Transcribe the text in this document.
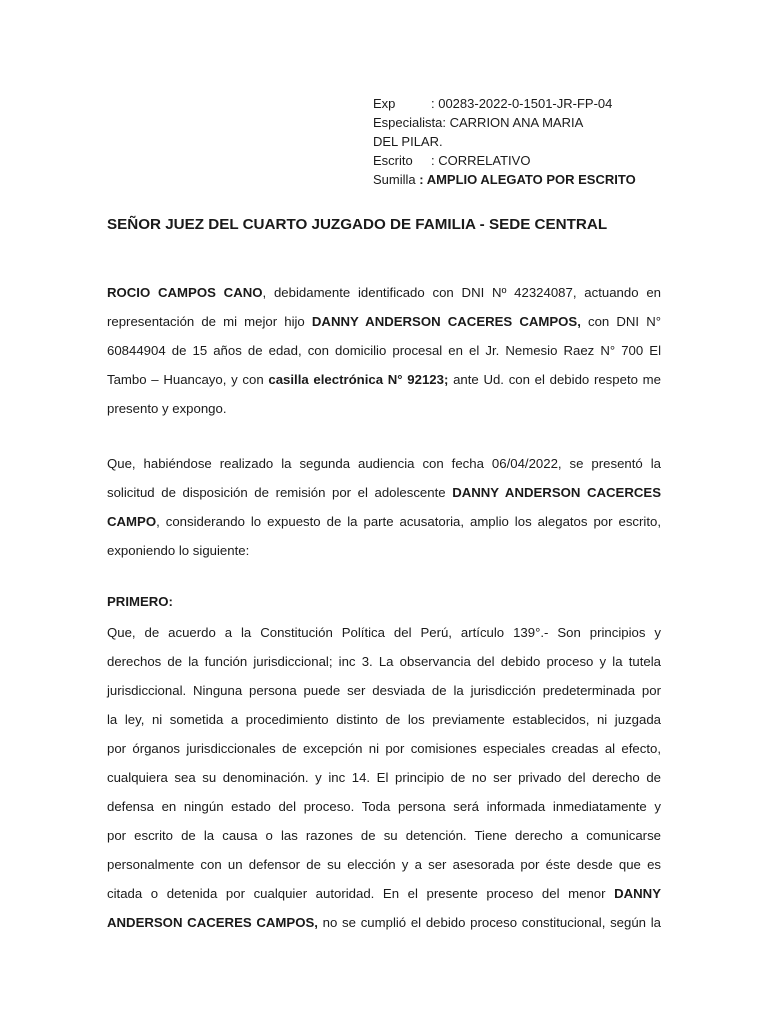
Exp	: 00283-2022-0-1501-JR-FP-04
Especialista: CARRION ANA MARIA
DEL PILAR.
Escrito : CORRELATIVO
Sumilla : AMPLIO ALEGATO POR ESCRITO
SEÑOR JUEZ DEL CUARTO JUZGADO DE FAMILIA - SEDE CENTRAL
ROCIO CAMPOS CANO, debidamente identificado con DNI Nº 42324087, actuando en
representación de mi mejor hijo DANNY ANDERSON CACERES CAMPOS, con DNI N°
60844904 de 15 años de edad, con domicilio procesal en el Jr. Nemesio Raez N° 700 El
Tambo – Huancayo, y con casilla electrónica N° 92123; ante Ud. con el debido respeto me
presento y expongo.
Que, habiéndose realizado la segunda audiencia con fecha 06/04/2022, se presentó la
solicitud de disposición de remisión por el adolescente DANNY ANDERSON CACERCES
CAMPO, considerando lo expuesto de la parte acusatoria, amplio los alegatos por escrito,
exponiendo lo siguiente:
PRIMERO:
Que, de acuerdo a la Constitución Política del Perú, artículo 139°.- Son principios y
derechos de la función jurisdiccional; inc 3. La observancia del debido proceso y la tutela
jurisdiccional. Ninguna persona puede ser desviada de la jurisdicción predeterminada por
la ley, ni sometida a procedimiento distinto de los previamente establecidos, ni juzgada
por órganos jurisdiccionales de excepción ni por comisiones especiales creadas al efecto,
cualquiera sea su denominación. y inc 14. El principio de no ser privado del derecho de
defensa en ningún estado del proceso. Toda persona será informada inmediatamente y
por escrito de la causa o las razones de su detención. Tiene derecho a comunicarse
personalmente con un defensor de su elección y a ser asesorada por éste desde que es
citada o detenida por cualquier autoridad. En el presente proceso del menor DANNY
ANDERSON CACERES CAMPOS, no se cumplió el debido proceso constitucional, según la
